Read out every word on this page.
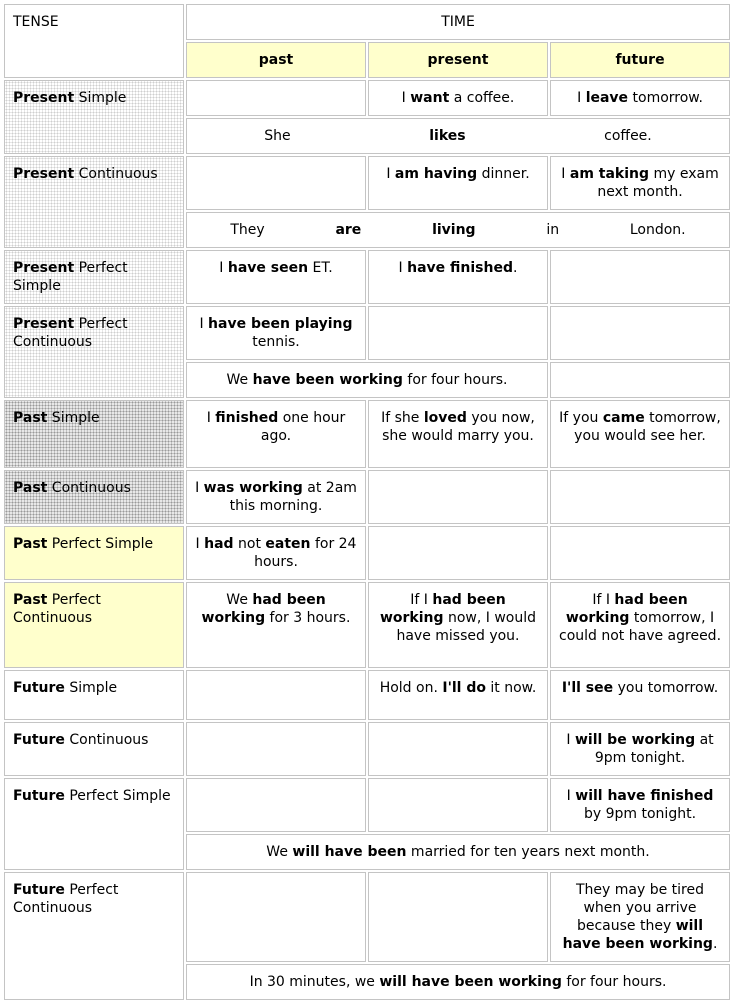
TENSE	TIME		
	past	present	future
Present Simple		I want a coffee.	I leave tomorrow.

	She likes coffee.		

Present Continuous		I am having dinner.	I am taking my exam next month.

	They are living in London.		

Present Perfect Simple	I have seen ET.	I have finished.	
Present Perfect Continuous	I have been playing tennis.		
	We have been working for four hours.		
Past Simple	I finished one hour ago.	If she loved you now, she would marry you.	If you came tomorrow, you would see her.
Past Continuous	I was working at 2am this morning.		
Past Perfect Simple	I had not eaten for 24 hours.		
Past Perfect Continuous	We had been working for 3 hours.	If I had been working now, I would have missed you.	If I had been working tomorrow, I could not have agreed.
Future Simple		Hold on. I'll do it now.	I'll see you tomorrow.
Future Continuous			I will be working at 9pm tonight.
Future Perfect Simple			I will have finished by 9pm tonight.
	We will have been married for ten years next month.		
Future Perfect Continuous			They may be tired when you arrive because they will have been working.
	In 30 minutes, we will have been working for four hours.		
